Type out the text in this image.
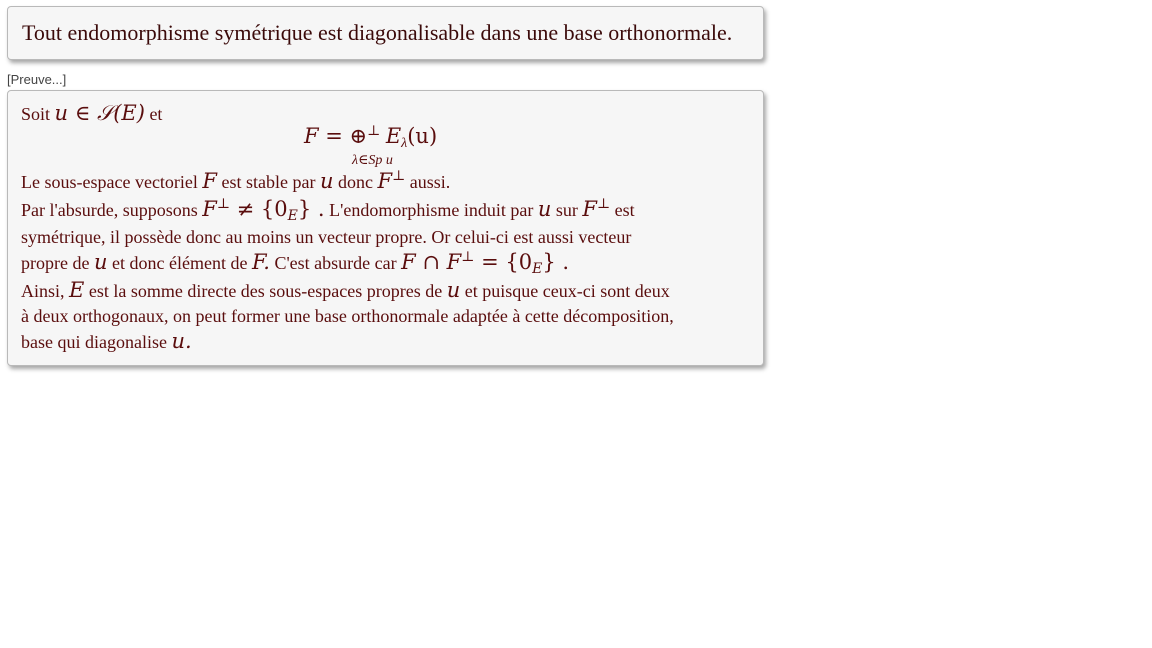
Tout endomorphisme symétrique est diagonalisable dans une base orthonormale.
[Preuve...]
Soit u ∈ 𝒮(E) et
F = ⊕⊥ Eλ(u)
λ∈Sp u
Le sous-espace vectoriel F est stable par u donc F⊥ aussi.
Par l'absurde, supposons $F^\perp \ne \{0_E\}$ . L'endomorphisme induit par u sur F⊥ est
symétrique, il possède donc au moins un vecteur propre. Or celui-ci est aussi vecteur
propre de u et donc élément de F. C'est absurde car F ∩ $F^\perp = \{0_E\}$ .
Ainsi, E est la somme directe des sous-espaces propres de u et puisque ceux-ci sont deux
à deux orthogonaux, on peut former une base orthonormale adaptée à cette décomposition,
base qui diagonalise u.
